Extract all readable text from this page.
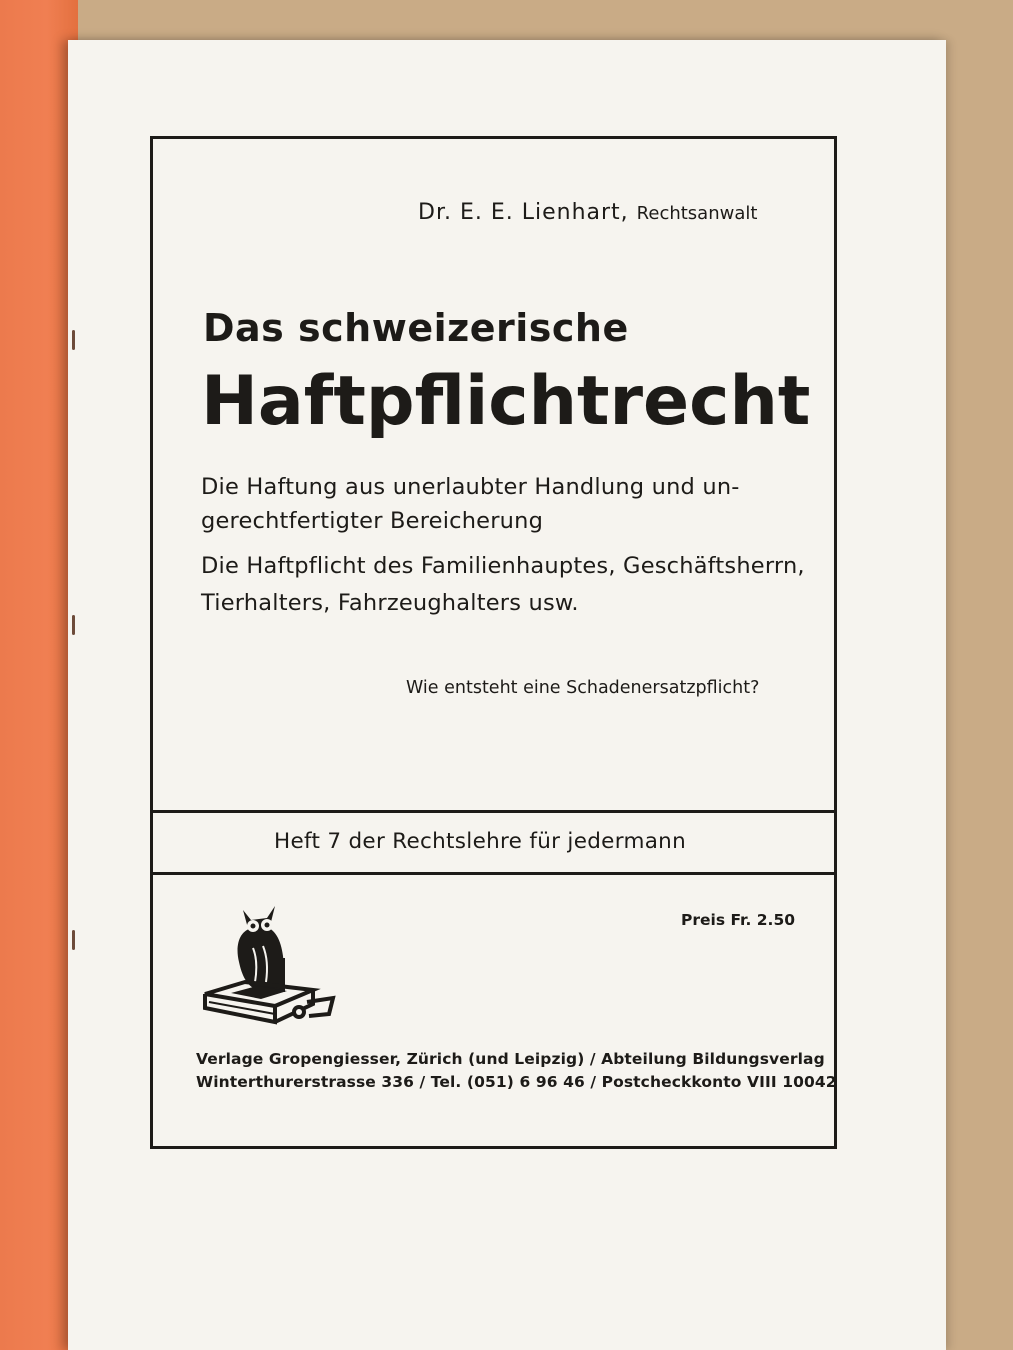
Dr. E. E. Lienhart, Rechtsanwalt
Das schweizerische
Haftpflichtrecht
Die Haftung aus unerlaubter Handlung und un-
gerechtfertigter Bereicherung
Die Haftpflicht des Familienhauptes, Geschäftsherrn,
Tierhalters, Fahrzeughalters usw.
Wie entsteht eine Schadenersatzpflicht?
Heft 7 der Rechtslehre für jedermann
Preis Fr. 2.50
Verlage Gropengiesser, Zürich (und Leipzig) / Abteilung Bildungsverlag
Winterthurerstrasse 336 / Tel. (051) 6 96 46 / Postcheckkonto VIII 10042
